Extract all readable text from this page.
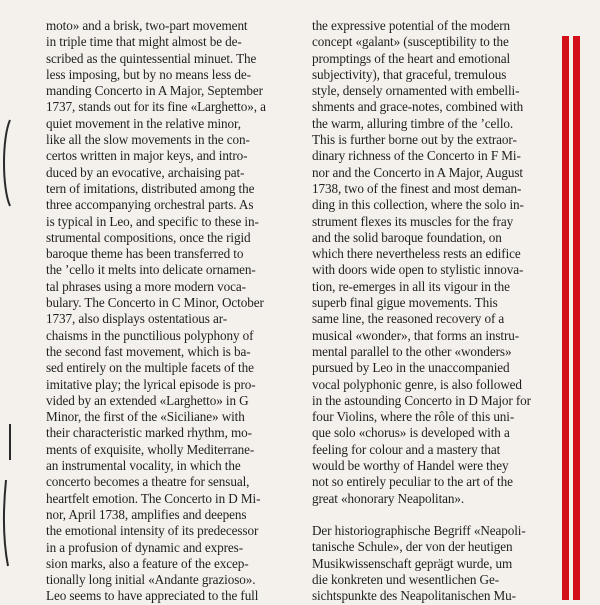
moto» and a brisk, two-part movement
in triple time that might almost be de-
scribed as the quintessential minuet. The
less imposing, but by no means less de-
manding Concerto in A Major, September
1737, stands out for its fine «Larghetto», a
quiet movement in the relative minor,
like all the slow movements in the con-
certos written in major keys, and intro-
duced by an evocative, archaising pat-
tern of imitations, distributed among the
three accompanying orchestral parts. As
is typical in Leo, and specific to these in-
strumental compositions, once the rigid
baroque theme has been transferred to
the ’cello it melts into delicate ornamen-
tal phrases using a more modern voca-
bulary. The Concerto in C Minor, October
1737, also displays ostentatious ar-
chaisms in the punctilious polyphony of
the second fast movement, which is ba-
sed entirely on the multiple facets of the
imitative play; the lyrical episode is pro-
vided by an extended «Larghetto» in G
Minor, the first of the «Siciliane» with
their characteristic marked rhythm, mo-
ments of exquisite, wholly Mediterrane-
an instrumental vocality, in which the
concerto becomes a theatre for sensual,
heartfelt emotion. The Concerto in D Mi-
nor, April 1738, amplifies and deepens
the emotional intensity of its predecessor
in a profusion of dynamic and expres-
sion marks, also a feature of the excep-
tionally long initial «Andante grazioso».
Leo seems to have appreciated to the full
the expressive potential of the modern
concept «galant» (susceptibility to the
promptings of the heart and emotional
subjectivity), that graceful, tremulous
style, densely ornamented with embelli-
shments and grace-notes, combined with
the warm, alluring timbre of the ’cello.
This is further borne out by the extraor-
dinary richness of the Concerto in F Mi-
nor and the Concerto in A Major, August
1738, two of the finest and most deman-
ding in this collection, where the solo in-
strument flexes its muscles for the fray
and the solid baroque foundation, on
which there nevertheless rests an edifice
with doors wide open to stylistic innova-
tion, re-emerges in all its vigour in the
superb final gigue movements. This
same line, the reasoned recovery of a
musical «wonder», that forms an instru-
mental parallel to the other «wonders»
pursued by Leo in the unaccompanied
vocal polyphonic genre, is also followed
in the astounding Concerto in D Major for
four Violins, where the rôle of this uni-
que solo «chorus» is developed with a
feeling for colour and a mastery that
would be worthy of Handel were they
not so entirely peculiar to the art of the
great «honorary Neapolitan».
Der historiographische Begriff «Neapoli-
tanische Schule», der von der heutigen
Musikwissenschaft geprägt wurde, um
die konkreten und wesentlichen Ge-
sichtspunkte des Neapolitanischen Mu-
